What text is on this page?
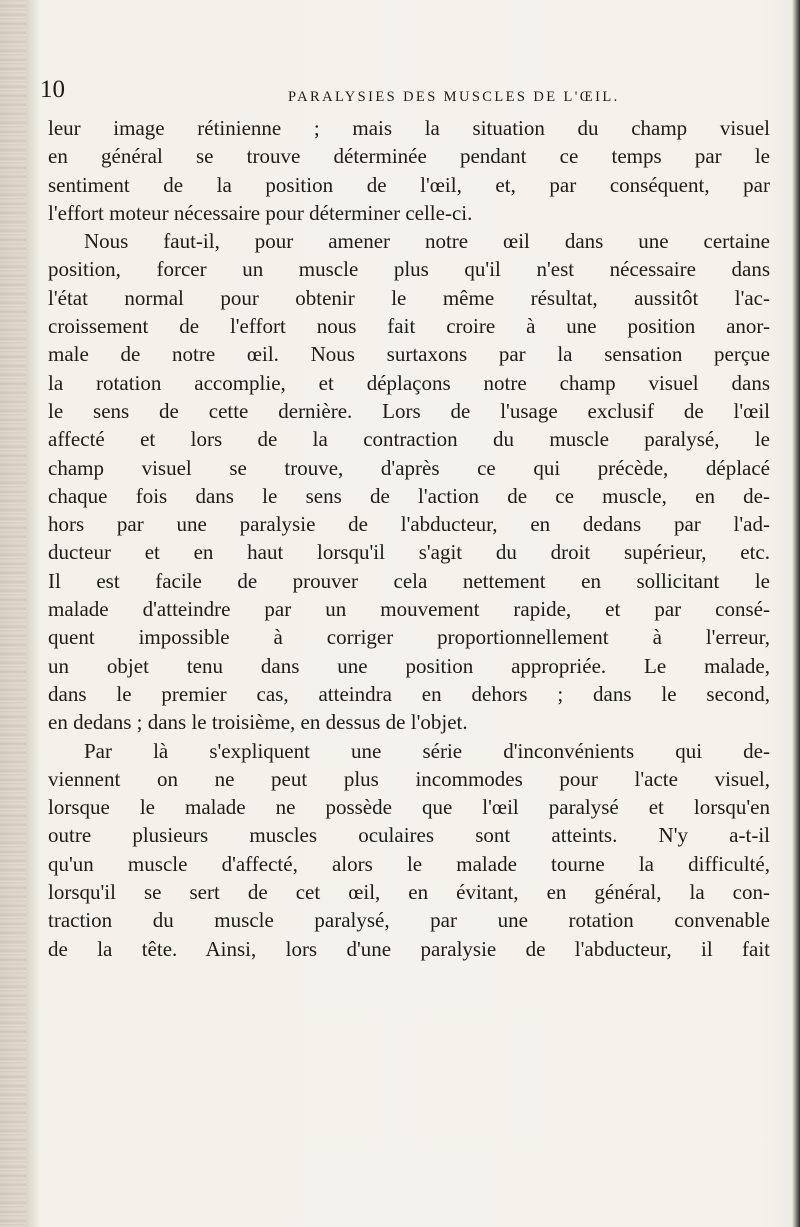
10	PARALYSIES DES MUSCLES DE L'ŒIL.
leur image rétinienne ; mais la situation du champ visuel
en général se trouve déterminée pendant ce temps par le
sentiment de la position de l'œil, et, par conséquent, par
l'effort moteur nécessaire pour déterminer celle-ci.
Nous faut-il, pour amener notre œil dans une certaine
position, forcer un muscle plus qu'il n'est nécessaire dans
l'état normal pour obtenir le même résultat, aussitôt l'ac-
croissement de l'effort nous fait croire à une position anor-
male de notre œil. Nous surtaxons par la sensation perçue
la rotation accomplie, et déplaçons notre champ visuel dans
le sens de cette dernière. Lors de l'usage exclusif de l'œil
affecté et lors de la contraction du muscle paralysé, le
champ visuel se trouve, d'après ce qui précède, déplacé
chaque fois dans le sens de l'action de ce muscle, en de-
hors par une paralysie de l'abducteur, en dedans par l'ad-
ducteur et en haut lorsqu'il s'agit du droit supérieur, etc.
Il est facile de prouver cela nettement en sollicitant le
malade d'atteindre par un mouvement rapide, et par consé-
quent impossible à corriger proportionnellement à l'erreur,
un objet tenu dans une position appropriée. Le malade,
dans le premier cas, atteindra en dehors ; dans le second,
en dedans ; dans le troisième, en dessus de l'objet.
Par là s'expliquent une série d'inconvénients qui de-
viennent on ne peut plus incommodes pour l'acte visuel,
lorsque le malade ne possède que l'œil paralysé et lorsqu'en
outre plusieurs muscles oculaires sont atteints. N'y a-t-il
qu'un muscle d'affecté, alors le malade tourne la difficulté,
lorsqu'il se sert de cet œil, en évitant, en général, la con-
traction du muscle paralysé, par une rotation convenable
de la tête. Ainsi, lors d'une paralysie de l'abducteur, il fait
